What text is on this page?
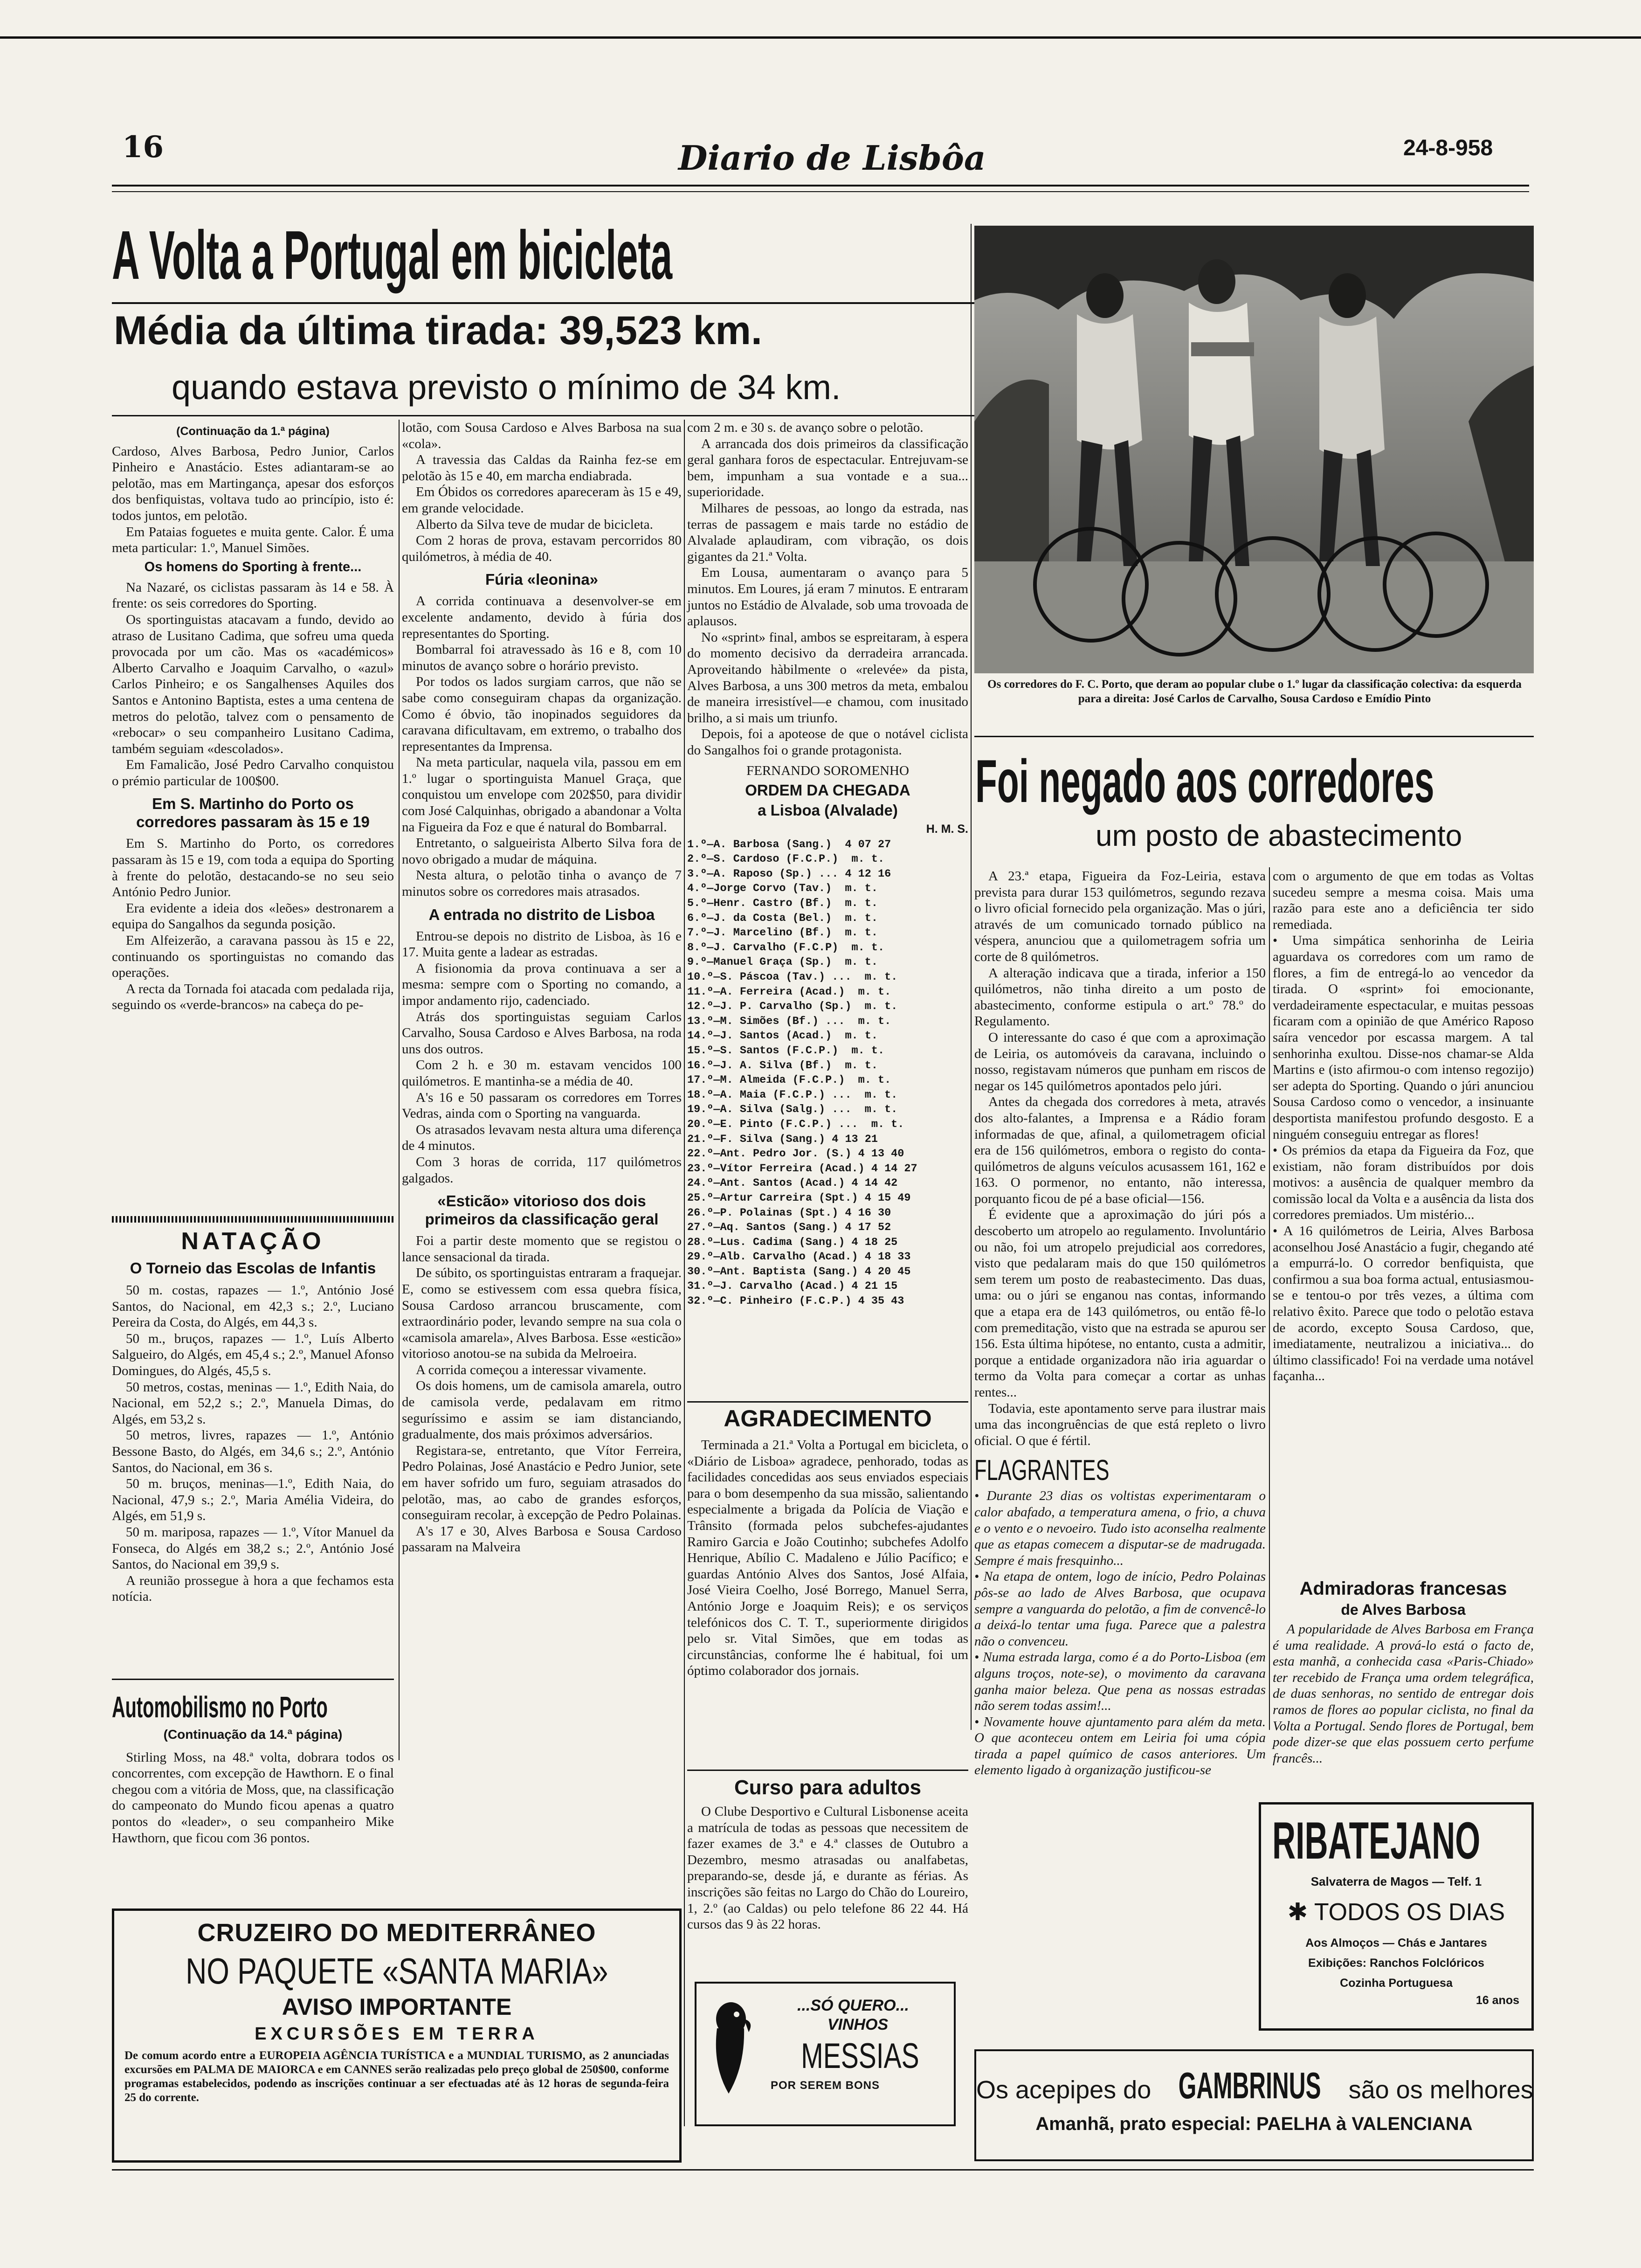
16	Diario de Lisbôa	24-8-958
A Volta a Portugal em bicicleta
Média da última tirada: 39,523 km.
quando estava previsto o mínimo de 34 km.
(Continuação da 1.ª página)

Cardoso, Alves Barbosa, Pedro Junior, Carlos Pinheiro e Anastácio. Estes adiantaram-se ao pelotão, mas em Martingança, apesar dos esforços dos benfiquistas, voltava tudo ao princípio, isto é: todos juntos, em pelotão.

Em Pataias foguetes e muita gente. Calor. É uma meta particular: 1.º, Manuel Simões.

Os homens do Sporting à frente...

Na Nazaré, os ciclistas passaram às 14 e 58. À frente: os seis corredores do Sporting.

Os sportinguistas atacavam a fundo, devido ao atraso de Lusitano Cadima, que sofreu uma queda provocada por um cão. Mas os «académicos» Alberto Carvalho e Joaquim Carvalho, o «azul» Carlos Pinheiro; e os Sangalhenses Aquiles dos Santos e Antonino Baptista, estes a uma centena de metros do pelotão, talvez com o pensamento de «rebocar» o seu companheiro Lusitano Cadima, também seguiam «descolados».

Em Famalicão, José Pedro Carvalho conquistou o prémio particular de 100$00.

Em S. Martinho do Porto os corredores passaram às 15 e 19

Em S. Martinho do Porto, os corredores passaram às 15 e 19, com toda a equipa do Sporting à frente do pelotão, destacando-se no seu seio António Pedro Junior.

Era evidente a ideia dos «leões» destronarem a equipa do Sangalhos da segunda posição.

Em Alfeizerão, a caravana passou às 15 e 22, continuando os sportinguistas no comando das operações.

A recta da Tornada foi atacada com pedalada rija, seguindo os «verde-brancos» na cabeça do pe-

NATAÇÃO
O Torneio das Escolas de Infantis

50 m. costas, rapazes — 1.º, António José Santos, do Nacional, em 42,3 s.; 2.º, Luciano Pereira da Costa, do Algés, em 44,3 s.

50 m., bruços, rapazes — 1.º, Luís Alberto Salgueiro, do Algés, em 45,4 s.; 2.º, Manuel Afonso Domingues, do Algés, 45,5 s.

50 metros, costas, meninas — 1.º, Edith Naia, do Nacional, em 52,2 s.; 2.º, Manuela Dimas, do Algés, em 53,2 s.

50 metros, livres, rapazes — 1.º, António Bessone Basto, do Algés, em 34,6 s.; 2.º, António Santos, do Nacional, em 36 s.

50 m. bruços, meninas—1.º, Edith Naia, do Nacional, 47,9 s.; 2.º, Maria Amélia Videira, do Algés, em 51,9 s.

50 m. mariposa, rapazes — 1.º, Vítor Manuel da Fonseca, do Algés em 38,2 s.; 2.º, António José Santos, do Nacional em 39,9 s.

A reunião prossegue à hora a que fechamos esta notícia.

Automobilismo no Porto
(Continuação da 14.ª página)

Stirling Moss, na 48.ª volta, dobrara todos os concorrentes, com excepção de Hawthorn. E o final chegou com a vitória de Moss, que, na classificação do campeonato do Mundo ficou apenas a quatro pontos do «leader», o seu companheiro Mike Hawthorn, que ficou com 36 pontos.

lotão, com Sousa Cardoso e Alves Barbosa na sua «cola».

A travessia das Caldas da Rainha fez-se em pelotão às 15 e 40, em marcha endiabrada.

Em Óbidos os corredores apareceram às 15 e 49, em grande velocidade.

Alberto da Silva teve de mudar de bicicleta.

Com 2 horas de prova, estavam percorridos 80 quilómetros, à média de 40.

Fúria «leonina»

A corrida continuava a desenvolver-se em excelente andamento, devido à fúria dos representantes do Sporting.

Bombarral foi atravessado às 16 e 8, com 10 minutos de avanço sobre o horário previsto.

Por todos os lados surgiam carros, que não se sabe como conseguiram chapas da organização. Como é óbvio, tão inopinados seguidores da caravana dificultavam, em extremo, o trabalho dos representantes da Imprensa.

Na meta particular, naquela vila, passou em em 1.º lugar o sportinguista Manuel Graça, que conquistou um envelope com 202$50, para dividir com José Calquinhas, obrigado a abandonar a Volta na Figueira da Foz e que é natural do Bombarral.

Entretanto, o salgueirista Alberto Silva fora de novo obrigado a mudar de máquina.

Nesta altura, o pelotão tinha o avanço de 7 minutos sobre os corredores mais atrasados.

A entrada no distrito de Lisboa

Entrou-se depois no distrito de Lisboa, às 16 e 17. Muita gente a ladear as estradas.

A fisionomia da prova continuava a ser a mesma: sempre com o Sporting no comando, a impor andamento rijo, cadenciado.

Atrás dos sportinguistas seguiam Carlos Carvalho, Sousa Cardoso e Alves Barbosa, na roda uns dos outros.

Com 2 h. e 30 m. estavam vencidos 100 quilómetros. E mantinha-se a média de 40.

A's 16 e 50 passaram os corredores em Torres Vedras, ainda com o Sporting na vanguarda.

Os atrasados levavam nesta altura uma diferença de 4 minutos.

Com 3 horas de corrida, 117 quilómetros galgados.

«Esticão» vitorioso dos dois primeiros da classificação geral

Foi a partir deste momento que se registou o lance sensacional da tirada.

De súbito, os sportinguistas entraram a fraquejar. E, como se estivessem com essa quebra física, Sousa Cardoso arrancou bruscamente, com extraordinário poder, levando sempre na sua cola o «camisola amarela», Alves Barbosa. Esse «esticão» vitorioso anotou-se na subida da Melroeira.

A corrida começou a interessar vivamente.

Os dois homens, um de camisola amarela, outro de camisola verde, pedalavam em ritmo seguríssimo e assim se iam distanciando, gradualmente, dos mais próximos adversários.

Registara-se, entretanto, que Vítor Ferreira, Pedro Polainas, José Anastácio e Pedro Junior, sete em haver sofrido um furo, seguiam atrasados do pelotão, mas, ao cabo de grandes esforços, conseguiram recolar, à excepção de Pedro Polainas.

A's 17 e 30, Alves Barbosa e Sousa Cardoso passaram na Malveira

com 2 m. e 30 s. de avanço sobre o pelotão.

A arrancada dos dois primeiros da classificação geral ganhara foros de espectacular. Entrejuvam-se bem, impunham a sua vontade e a sua... superioridade.

Milhares de pessoas, ao longo da estrada, nas terras de passagem e mais tarde no estádio de Alvalade aplaudiram, com vibração, os dois gigantes da 21.ª Volta.

Em Lousa, aumentaram o avanço para 5 minutos. Em Loures, já eram 7 minutos. E entraram juntos no Estádio de Alvalade, sob uma trovoada de aplausos.

No «sprint» final, ambos se espreitaram, à espera do momento decisivo da derradeira arrancada. Aproveitando hàbilmente o «relevée» da pista, Alves Barbosa, a uns 300 metros da meta, embalou de maneira irresistível—e chamou, com inusitado brilho, a si mais um triunfo.

Depois, foi a apoteose de que o notável ciclista do Sangalhos foi o grande protagonista.

FERNANDO SOROMENHO
ORDEM DA CHEGADA
a Lisboa (Alvalade)
H. M. S.
1.º—A. Barbosa (Sang.)  4 07 27
2.º—S. Cardoso (F.C.P.)  m. t.
3.º—A. Raposo (Sp.) ... 4 12 16
4.º—Jorge Corvo (Tav.)  m. t.
5.º—Henr. Castro (Bf.)  m. t.
6.º—J. da Costa (Bel.)  m. t.
7.º—J. Marcelino (Bf.)  m. t.
8.º—J. Carvalho (F.C.P)  m. t.
9.º—Manuel Graça (Sp.)  m. t.
10.º—S. Páscoa (Tav.) ...  m. t.
11.º—A. Ferreira (Acad.)  m. t.
12.º—J. P. Carvalho (Sp.)  m. t.
13.º—M. Simões (Bf.) ...  m. t.
14.º—J. Santos (Acad.)  m. t.
15.º—S. Santos (F.C.P.)  m. t.
16.º—J. A. Silva (Bf.)  m. t.
17.º—M. Almeida (F.C.P.)  m. t.
18.º—A. Maia (F.C.P.) ...  m. t.
19.º—A. Silva (Salg.) ...  m. t.
20.º—E. Pinto (F.C.P.) ...  m. t.
21.º—F. Silva (Sang.) 4 13 21
22.º—Ant. Pedro Jor. (S.) 4 13 40
23.º—Vítor Ferreira (Acad.) 4 14 27
24.º—Ant. Santos (Acad.) 4 14 42
25.º—Artur Carreira (Spt.) 4 15 49
26.º—P. Polainas (Spt.) 4 16 30
27.º—Aq. Santos (Sang.) 4 17 52
28.º—Lus. Cadima (Sang.) 4 18 25
29.º—Alb. Carvalho (Acad.) 4 18 33
30.º—Ant. Baptista (Sang.) 4 20 45
31.º—J. Carvalho (Acad.) 4 21 15
32.º—C. Pinheiro (F.C.P.) 4 35 43
AGRADECIMENTO

Terminada a 21.ª Volta a Portugal em bicicleta, o «Diário de Lisboa» agradece, penhorado, todas as facilidades concedidas aos seus enviados especiais para o bom desempenho da sua missão, salientando especialmente a brigada da Polícia de Viação e Trânsito (formada pelos subchefes-ajudantes Ramiro Garcia e João Coutinho; subchefes Adolfo Henrique, Abílio C. Madaleno e Júlio Pacífico; e guardas António Alves dos Santos, José Alfaia, José Vieira Coelho, José Borrego, Manuel Serra, António Jorge e Joaquim Reis); e os serviços telefónicos dos C. T. T., superiormente dirigidos pelo sr. Vital Simões, que em todas as circunstâncias, conforme lhe é habitual, foi um óptimo colaborador dos jornais.

Curso para adultos

O Clube Desportivo e Cultural Lisbonense aceita a matrícula de todas as pessoas que necessitem de fazer exames de 3.ª e 4.ª classes de Outubro a Dezembro, mesmo atrasadas ou analfabetas, preparando-se, desde já, e durante as férias. As inscrições são feitas no Largo do Chão do Loureiro, 1, 2.º (ao Caldas) ou pelo telefone 86 22 44. Há cursos das 9 às 22 horas.

Os corredores do F. C. Porto, que deram ao popular clube o 1.º lugar da classificação colectiva: da esquerda para a direita: José Carlos de Carvalho, Sousa Cardoso e Emídio Pinto
Foi negado aos corredores
um posto de abastecimento

A 23.ª etapa, Figueira da Foz-Leiria, estava prevista para durar 153 quilómetros, segundo rezava o livro oficial fornecido pela organização. Mas o júri, através de um comunicado tornado público na véspera, anunciou que a quilometragem sofria um corte de 8 quilómetros.

A alteração indicava que a tirada, inferior a 150 quilómetros, não tinha direito a um posto de abastecimento, conforme estipula o art.º 78.º do Regulamento.

O interessante do caso é que com a aproximação de Leiria, os automóveis da caravana, incluindo o nosso, registavam números que punham em riscos de negar os 145 quilómetros apontados pelo júri.

Antes da chegada dos corredores à meta, através dos alto-falantes, a Imprensa e a Rádio foram informadas de que, afinal, a quilometragem oficial era de 156 quilómetros, embora o registo do conta-quilómetros de alguns veículos acusassem 161, 162 e 163. O pormenor, no entanto, não interessa, porquanto ficou de pé a base oficial—156.

É evidente que a aproximação do júri pós a descoberto um atropelo ao regulamento. Involuntário ou não, foi um atropelo prejudicial aos corredores, visto que pedalaram mais do que 150 quilómetros sem terem um posto de reabastecimento. Das duas, uma: ou o júri se enganou nas contas, informando que a etapa era de 143 quilómetros, ou então fê-lo com premeditação, visto que na estrada se apurou ser 156. Esta última hipótese, no entanto, custa a admitir, porque a entidade organizadora não iria aguardar o termo da Volta para começar a cortar as unhas rentes...

Todavia, este apontamento serve para ilustrar mais uma das incongruências de que está repleto o livro oficial. O que é fértil.

FLAGRANTES

• Durante 23 dias os voltistas experimentaram o calor abafado, a temperatura amena, o frio, a chuva e o vento e o nevoeiro. Tudo isto aconselha realmente que as etapas comecem a disputar-se de madrugada. Sempre é mais fresquinho...

• Na etapa de ontem, logo de início, Pedro Polainas pôs-se ao lado de Alves Barbosa, que ocupava sempre a vanguarda do pelotão, a fim de convencê-lo a deixá-lo tentar uma fuga. Parece que a palestra não o convenceu.

• Numa estrada larga, como é a do Porto-Lisboa (em alguns troços, note-se), o movimento da caravana ganha maior beleza. Que pena as nossas estradas não serem todas assim!...

• Novamente houve ajuntamento para além da meta. O que aconteceu ontem em Leiria foi uma cópia tirada a papel químico de casos anteriores. Um elemento ligado à organização justificou-se

com o argumento de que em todas as Voltas sucedeu sempre a mesma coisa. Mais uma razão para este ano a deficiência ter sido remediada.

• Uma simpática senhorinha de Leiria aguardava os corredores com um ramo de flores, a fim de entregá-lo ao vencedor da tirada. O «sprint» foi emocionante, verdadeiramente espectacular, e muitas pessoas ficaram com a opinião de que Américo Raposo saíra vencedor por escassa margem. A tal senhorinha exultou. Disse-nos chamar-se Alda Martins e (isto afirmou-o com intenso regozijo) ser adepta do Sporting. Quando o júri anunciou Sousa Cardoso como o vencedor, a insinuante desportista manifestou profundo desgosto. E a ninguém conseguiu entregar as flores!

• Os prémios da etapa da Figueira da Foz, que existiam, não foram distribuídos por dois motivos: a ausência de qualquer membro da comissão local da Volta e a ausência da lista dos corredores premiados. Um mistério...

• A 16 quilómetros de Leiria, Alves Barbosa aconselhou José Anastácio a fugir, chegando até a empurrá-lo. O corredor benfiquista, que confirmou a sua boa forma actual, entusiasmou-se e tentou-o por três vezes, a última com relativo êxito. Parece que todo o pelotão estava de acordo, excepto Sousa Cardoso, que, imediatamente, neutralizou a iniciativa... do último classificado! Foi na verdade uma notável façanha...

Admiradoras francesas
de Alves Barbosa

A popularidade de Alves Barbosa em França é uma realidade. A prová-lo está o facto de, esta manhã, a conhecida casa «Paris-Chiado» ter recebido de França uma ordem telegráfica, de duas senhoras, no sentido de entregar dois ramos de flores ao popular ciclista, no final da Volta a Portugal. Sendo flores de Portugal, bem pode dizer-se que elas possuem certo perfume francês...

CRUZEIRO DO MEDITERRÂNEO
NO PAQUETE «SANTA MARIA»
AVISO IMPORTANTE
EXCURSÕES EM TERRA
De comum acordo entre a EUROPEIA AGÊNCIA TURÍSTICA e a MUNDIAL TURISMO, as 2 anunciadas excursões em PALMA DE MAIORCA e em CANNES serão realizadas pelo preço global de 250$00, conforme programas estabelecidos, podendo as inscrições continuar a ser efectuadas até às 12 horas de segunda-feira 25 do corrente.
...SÓ QUERO...
VINHOS
MESSIAS
POR SEREM BONS
RIBATEJANO
Salvaterra de Magos — Telf. 1
✱ TODOS OS DIAS
Aos Almoços — Chás e Jantares
Exibições: Ranchos Folclóricos
Cozinha Portuguesa
16 anos
Os acepipes do GAMBRINUS são os melhores
Amanhã, prato especial: PAELHA à VALENCIANA
